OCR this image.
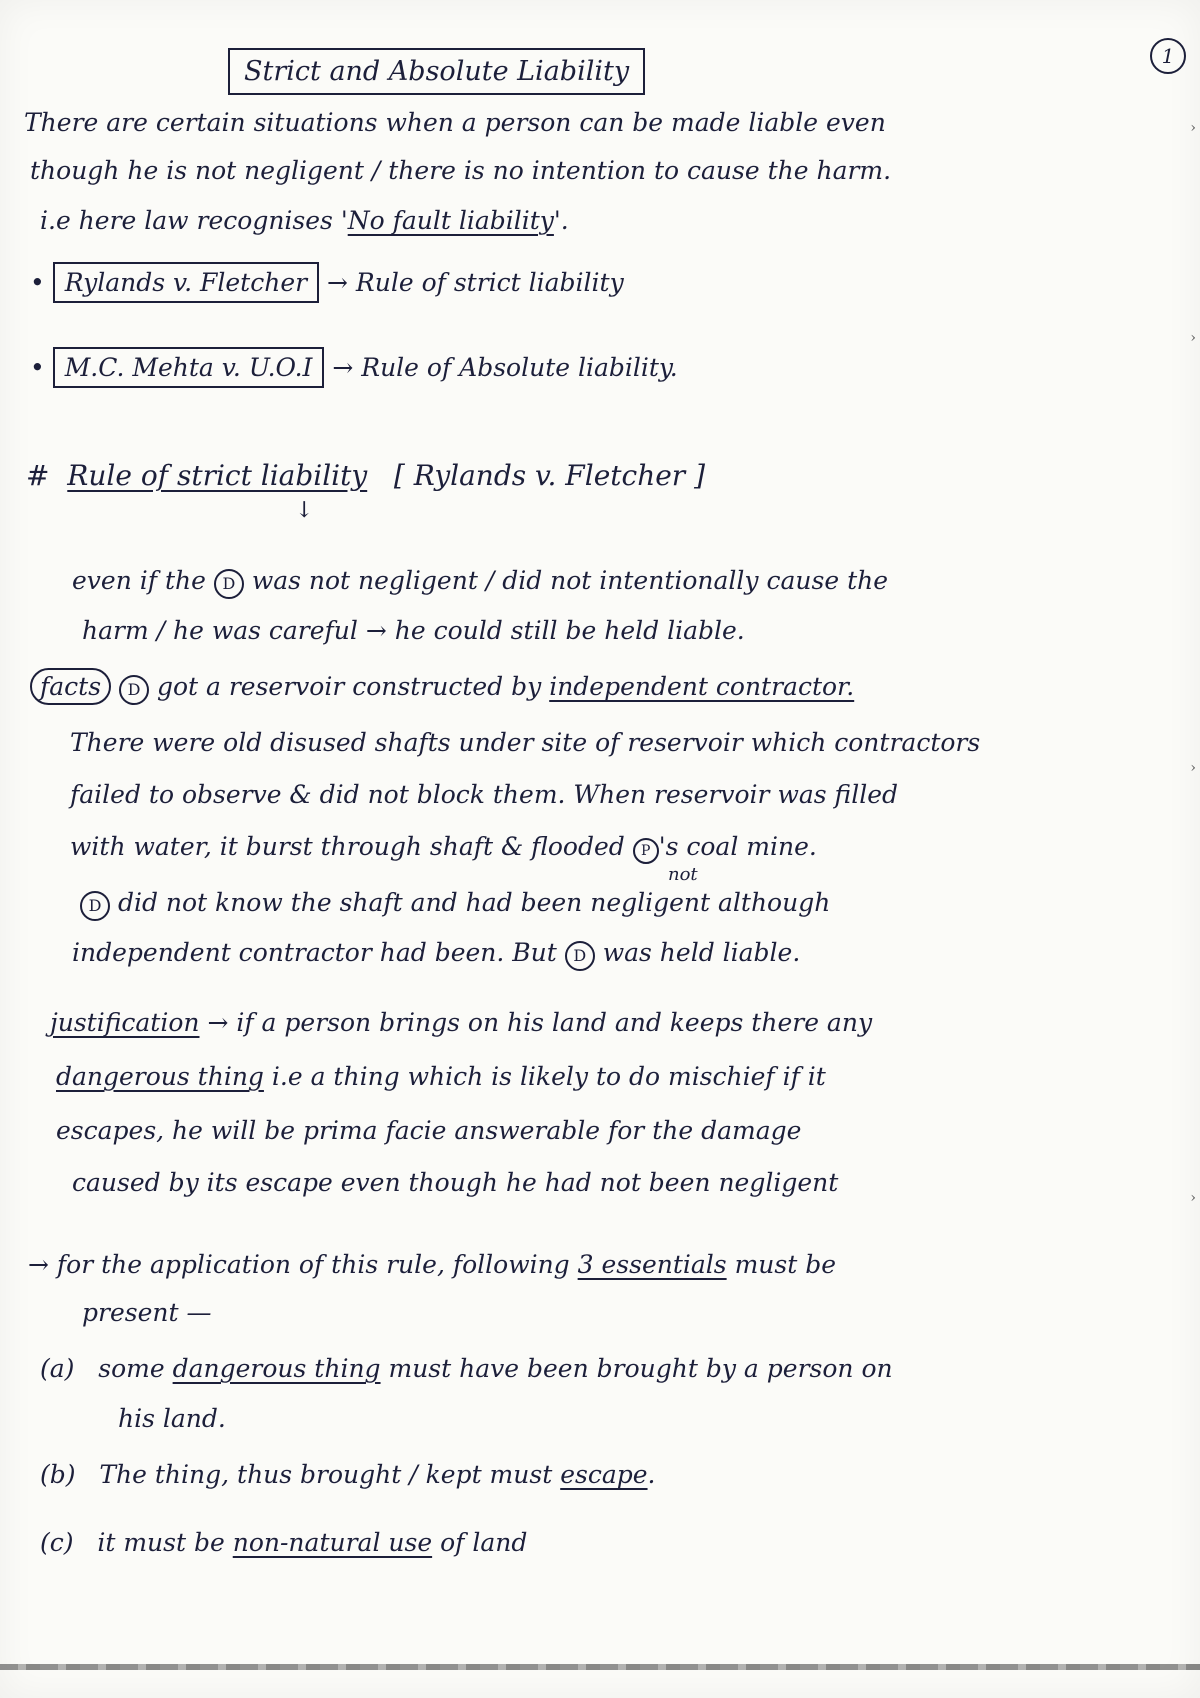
1
Strict and Absolute Liability
There are certain situations when a person can be made liable even
though he is not negligent / there is no intention to cause the harm.
i.e here law recognises 'No fault liability'.
• Rylands v. Fletcher → Rule of strict liability
• M.C. Mehta v. U.O.I → Rule of Absolute liability.
# Rule of strict liability [ Rylands v. Fletcher ]
↓
even if the D was not negligent / did not intentionally cause the
harm / he was careful → he could still be held liable.
facts D got a reservoir constructed by independent contractor.
There were old disused shafts under site of reservoir which contractors
failed to observe & did not block them. When reservoir was filled
with water, it burst through shaft & flooded P 's coal mine.
not
D did not know the shaft and had been negligent although
independent contractor had been. But D was held liable.
justification → if a person brings on his land and keeps there any
dangerous thing i.e a thing which is likely to do mischief if it
escapes, he will be prima facie answerable for the damage
caused by its escape even though he had not been negligent
→ for the application of this rule, following 3 essentials must be
present —
(a) some dangerous thing must have been brought by a person on
his land.
(b) The thing, thus brought / kept must escape.
(c) it must be non-natural use of land
›
›
›
›
